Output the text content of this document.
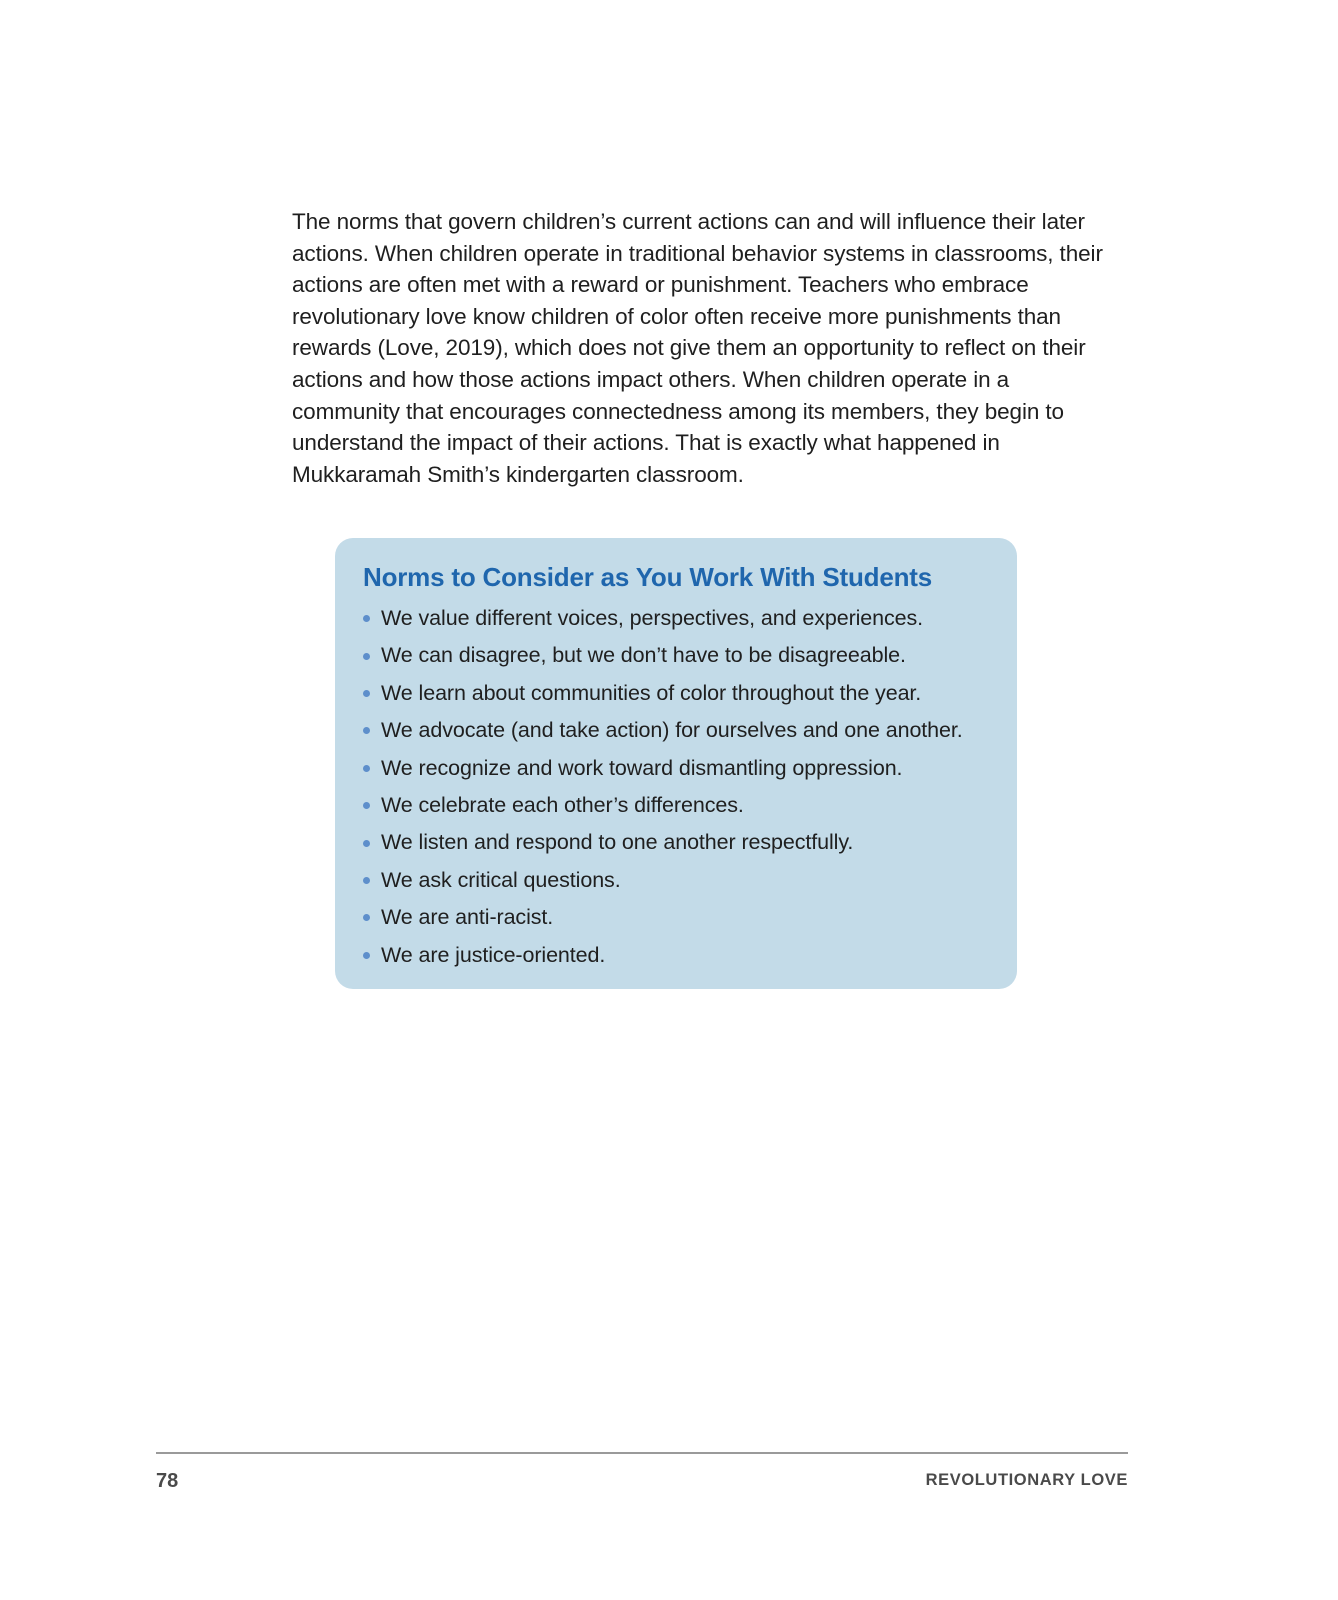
The norms that govern children’s current actions can and will influence their later actions. When children operate in traditional behavior systems in classrooms, their actions are often met with a reward or punishment. Teachers who embrace revolutionary love know children of color often receive more punishments than rewards (Love, 2019), which does not give them an opportunity to reflect on their actions and how those actions impact others. When children operate in a community that encourages connectedness among its members, they begin to understand the impact of their actions. That is exactly what happened in Mukkaramah Smith’s kindergarten classroom.

Norms to Consider as You Work With Students
We value different voices, perspectives, and experiences.
We can disagree, but we don’t have to be disagreeable.
We learn about communities of color throughout the year.
We advocate (and take action) for ourselves and one another.
We recognize and work toward dismantling oppression.
We celebrate each other’s differences.
We listen and respond to one another respectfully.
We ask critical questions.
We are anti-racist.
We are justice-oriented.
78	REVOLUTIONARY LOVE
